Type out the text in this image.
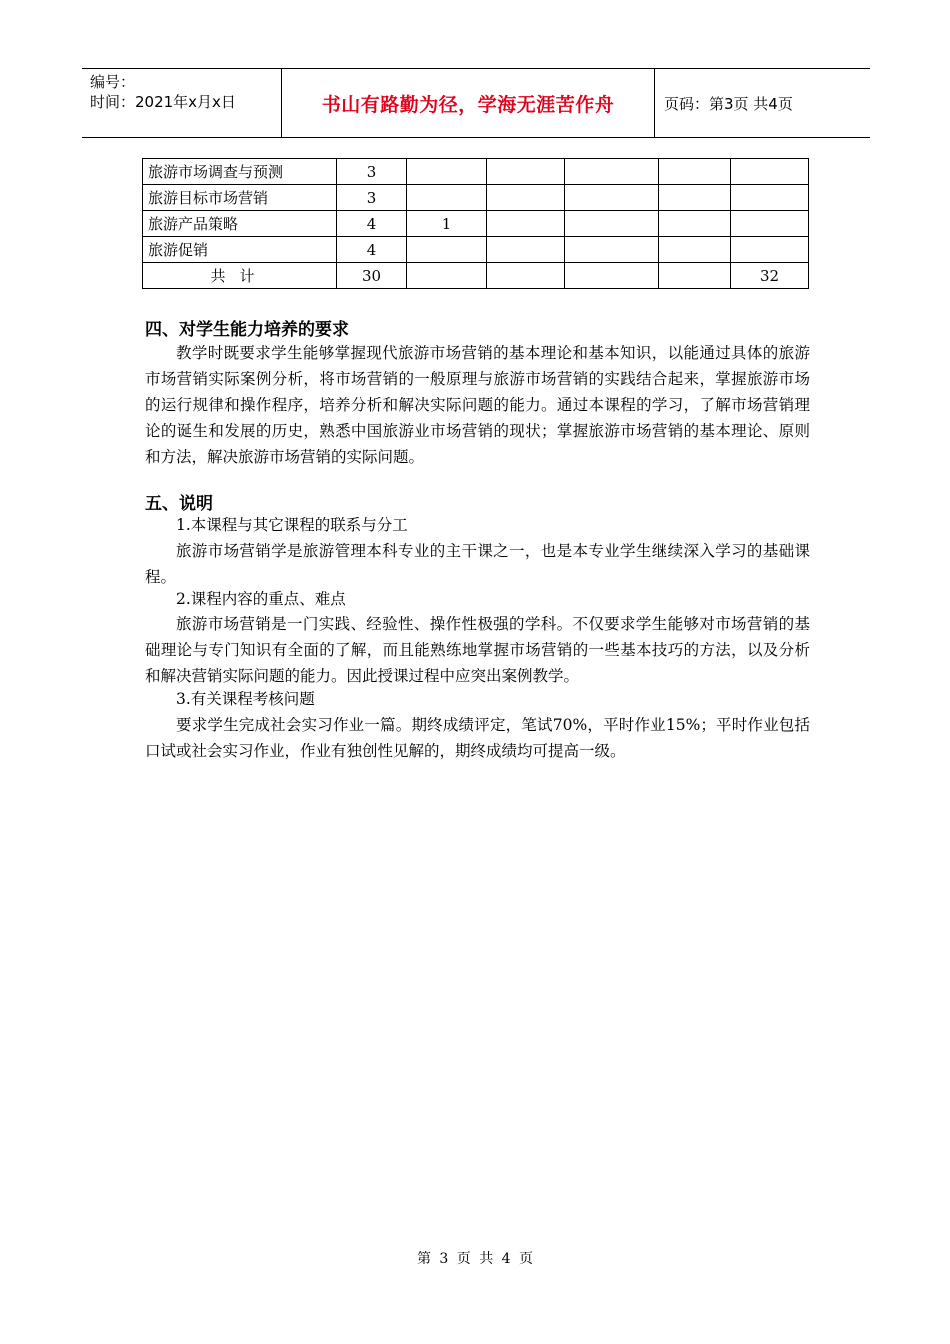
编号：
时间：2021年x月x日	书山有路勤为径，学海无涯苦作舟	页码：第3页 共4页
旅游市场调查与预测	3					
旅游目标市场营销	3					
旅游产品策略	4	1				
旅游促销	4					
共计	30					32
四、对学生能力培养的要求
教学时既要求学生能够掌握现代旅游市场营销的基本理论和基本知识，以能通过具体的旅游市场营销实际案例分析，将市场营销的一般原理与旅游市场营销的实践结合起来，掌握旅游市场的运行规律和操作程序，培养分析和解决实际问题的能力。通过本课程的学习，了解市场营销理论的诞生和发展的历史，熟悉中国旅游业市场营销的现状；掌握旅游市场营销的基本理论、原则和方法，解决旅游市场营销的实际问题。
五、说明
1.本课程与其它课程的联系与分工
旅游市场营销学是旅游管理本科专业的主干课之一，也是本专业学生继续深入学习的基础课程。
2.课程内容的重点、难点
旅游市场营销是一门实践、经验性、操作性极强的学科。不仅要求学生能够对市场营销的基础理论与专门知识有全面的了解，而且能熟练地掌握市场营销的一些基本技巧的方法，以及分析和解决营销实际问题的能力。因此授课过程中应突出案例教学。
3.有关课程考核问题
要求学生完成社会实习作业一篇。期终成绩评定，笔试70%，平时作业15%；平时作业包括口试或社会实习作业，作业有独创性见解的，期终成绩均可提高一级。
第 3 页 共 4 页
